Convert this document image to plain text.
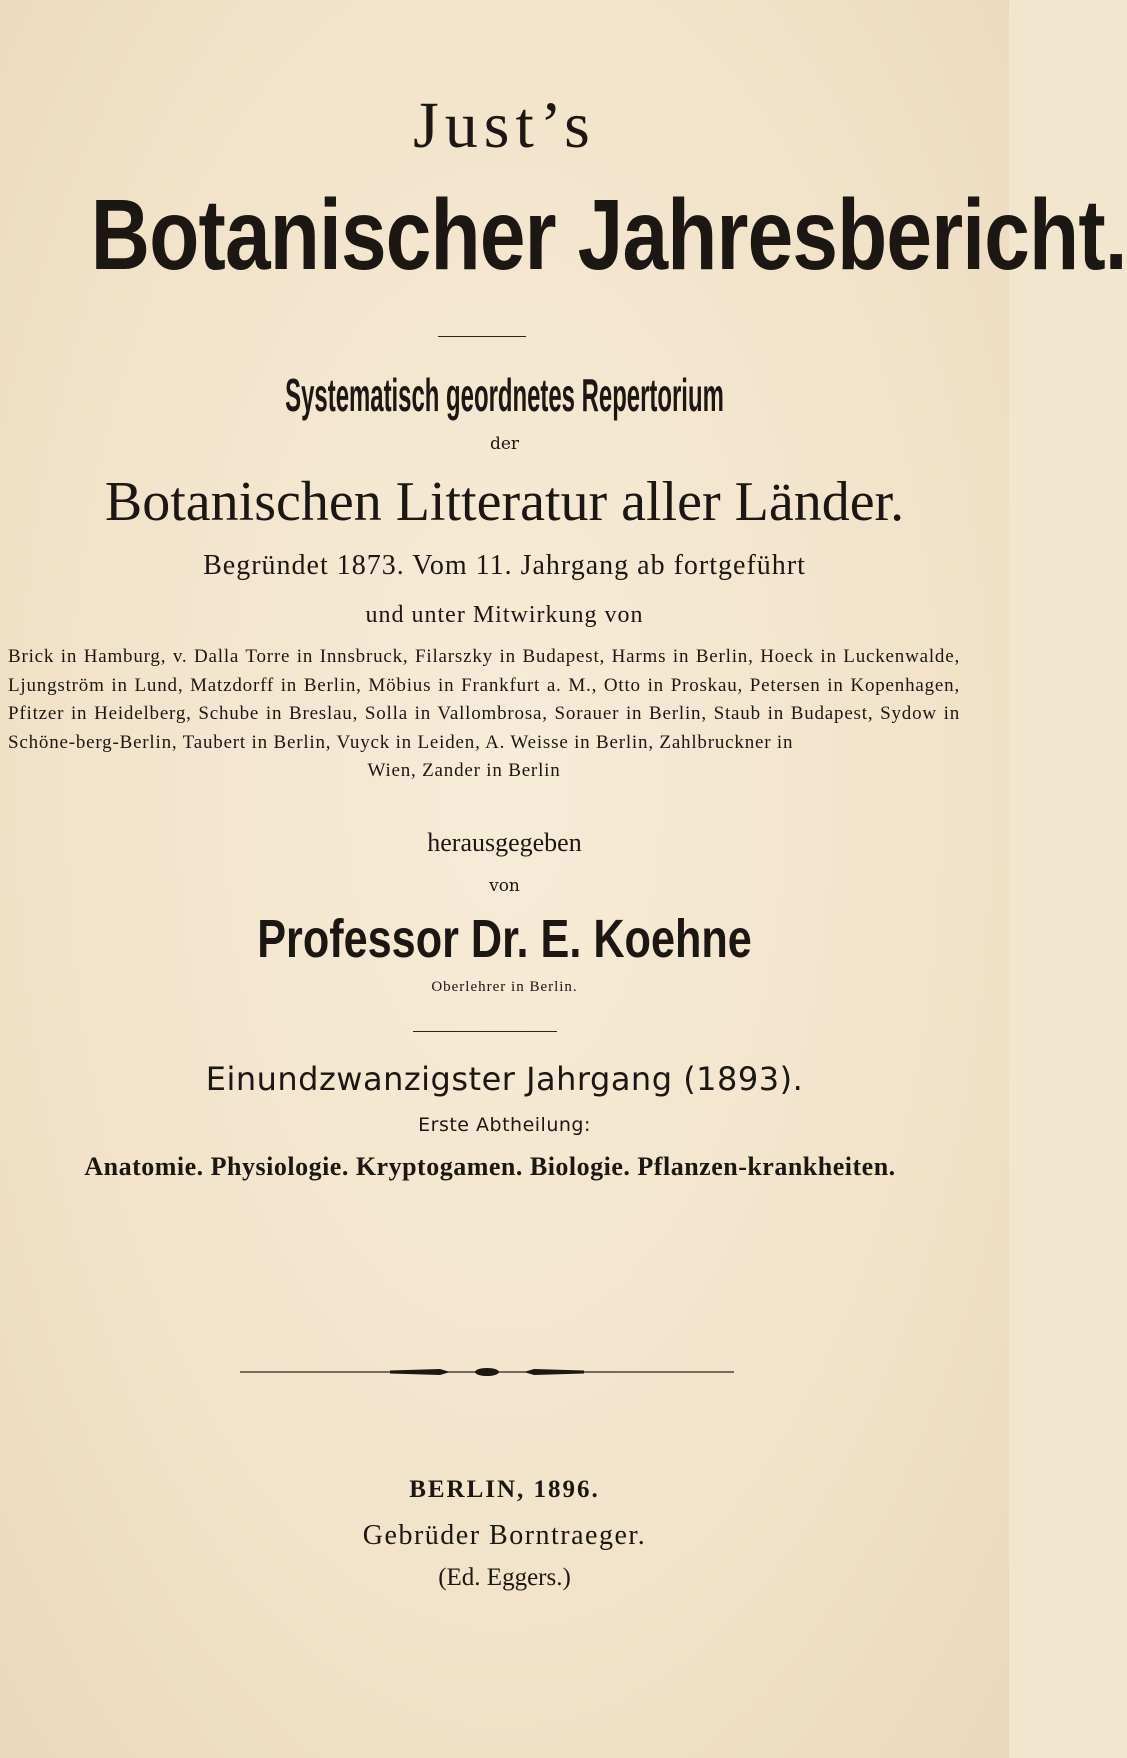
Just’s
Botanischer Jahresbericht.
Systematisch geordnetes Repertorium
der
Botanischen Litteratur aller Länder.
Begründet 1873. Vom 11. Jahrgang ab fortgeführt
und unter Mitwirkung von
Brick in Hamburg, v. Dalla Torre in Innsbruck, Filarszky in Budapest, Harms in Berlin, Hoeck in Luckenwalde, Ljungström in Lund, Matzdorff in Berlin, Möbius in Frankfurt a. M., Otto in Proskau, Petersen in Kopenhagen, Pfitzer in Heidelberg, Schube in Breslau, Solla in Vallombrosa, Sorauer in Berlin, Staub in Budapest, Sydow in Schöne-berg-Berlin, Taubert in Berlin, Vuyck in Leiden, A. Weisse in Berlin, Zahlbruckner in
Wien, Zander in Berlin
herausgegeben
von
Professor Dr. E. Koehne
Oberlehrer in Berlin.
Einundzwanzigster Jahrgang (1893).
Erste Abtheilung:
Anatomie. Physiologie. Kryptogamen. Biologie. Pflanzen-krankheiten.
BERLIN, 1896.
Gebrüder Borntraeger.
(Ed. Eggers.)
